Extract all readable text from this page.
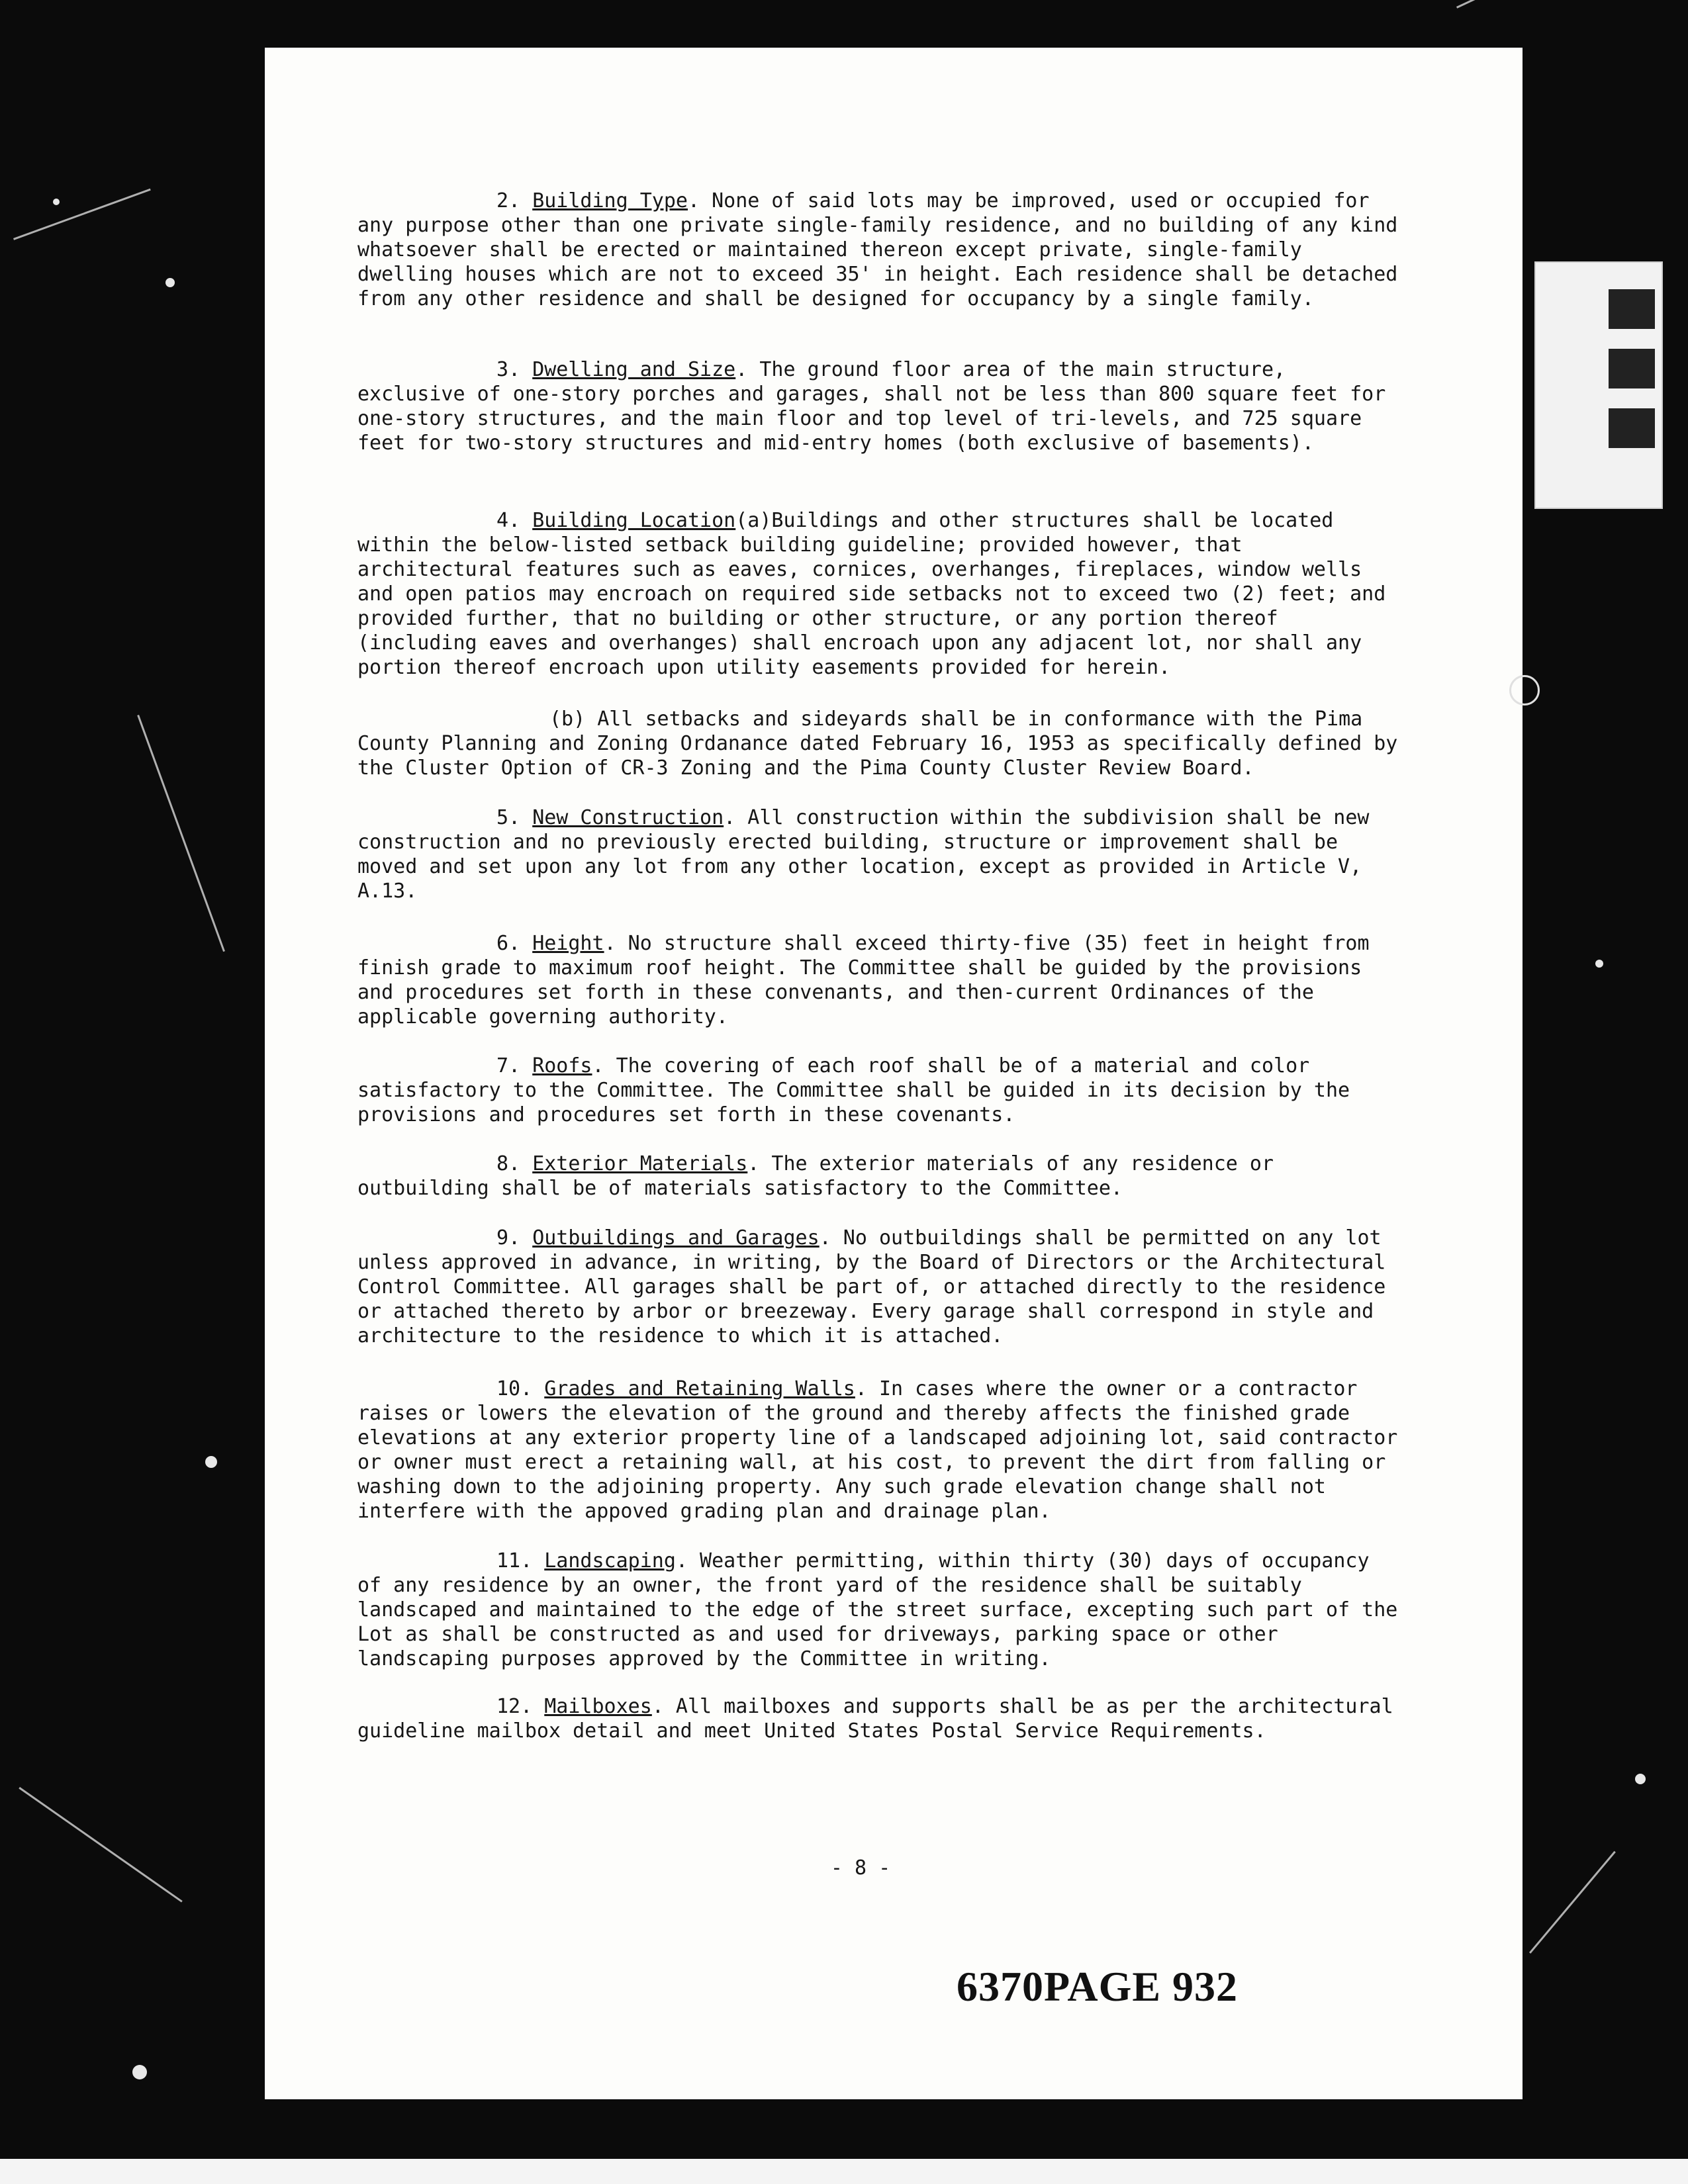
2. Building Type. None of said lots may be improved, used or occupied for any purpose other than one private single-family residence, and no building of any kind whatsoever shall be erected or maintained thereon except private, single-family dwelling houses which are not to exceed 35' in height. Each residence shall be detached from any other residence and shall be designed for occupancy by a single family.

3. Dwelling and Size. The ground floor area of the main structure, exclusive of one-story porches and garages, shall not be less than 800 square feet for one-story structures, and the main floor and top level of tri-levels, and 725 square feet for two-story structures and mid-entry homes (both exclusive of basements).

4. Building Location(a)Buildings and other structures shall be located within the below-listed setback building guideline; provided however, that architectural features such as eaves, cornices, overhanges, fireplaces, window wells and open patios may encroach on required side setbacks not to exceed two (2) feet; and provided further, that no building or other structure, or any portion thereof (including eaves and overhanges) shall encroach upon any adjacent lot, nor shall any portion thereof encroach upon utility easements provided for herein.

(b) All setbacks and sideyards shall be in conformance with the Pima County Planning and Zoning Ordanance dated February 16, 1953 as specifically defined by the Cluster Option of CR-3 Zoning and the Pima County Cluster Review Board.

5. New Construction. All construction within the subdivision shall be new construction and no previously erected building, structure or improvement shall be moved and set upon any lot from any other location, except as provided in Article V, A.13.

6. Height. No structure shall exceed thirty-five (35) feet in height from finish grade to maximum roof height. The Committee shall be guided by the provisions and procedures set forth in these convenants, and then-current Ordinances of the applicable governing authority.

7. Roofs. The covering of each roof shall be of a material and color satisfactory to the Committee. The Committee shall be guided in its decision by the provisions and procedures set forth in these covenants.

8. Exterior Materials. The exterior materials of any residence or outbuilding shall be of materials satisfactory to the Committee.

9. Outbuildings and Garages. No outbuildings shall be permitted on any lot unless approved in advance, in writing, by the Board of Directors or the Architectural Control Committee. All garages shall be part of, or attached directly to the residence or attached thereto by arbor or breezeway. Every garage shall correspond in style and architecture to the residence to which it is attached.

10. Grades and Retaining Walls. In cases where the owner or a contractor raises or lowers the elevation of the ground and thereby affects the finished grade elevations at any exterior property line of a landscaped adjoining lot, said contractor or owner must erect a retaining wall, at his cost, to prevent the dirt from falling or washing down to the adjoining property. Any such grade elevation change shall not interfere with the appoved grading plan and drainage plan.

11. Landscaping. Weather permitting, within thirty (30) days of occupancy of any residence by an owner, the front yard of the residence shall be suitably landscaped and maintained to the edge of the street surface, excepting such part of the Lot as shall be constructed as and used for driveways, parking space or other landscaping purposes approved by the Committee in writing.

12. Mailboxes. All mailboxes and supports shall be as per the architectural guideline mailbox detail and meet United States Postal Service Requirements.

- 8 -
6370PAGE 932
